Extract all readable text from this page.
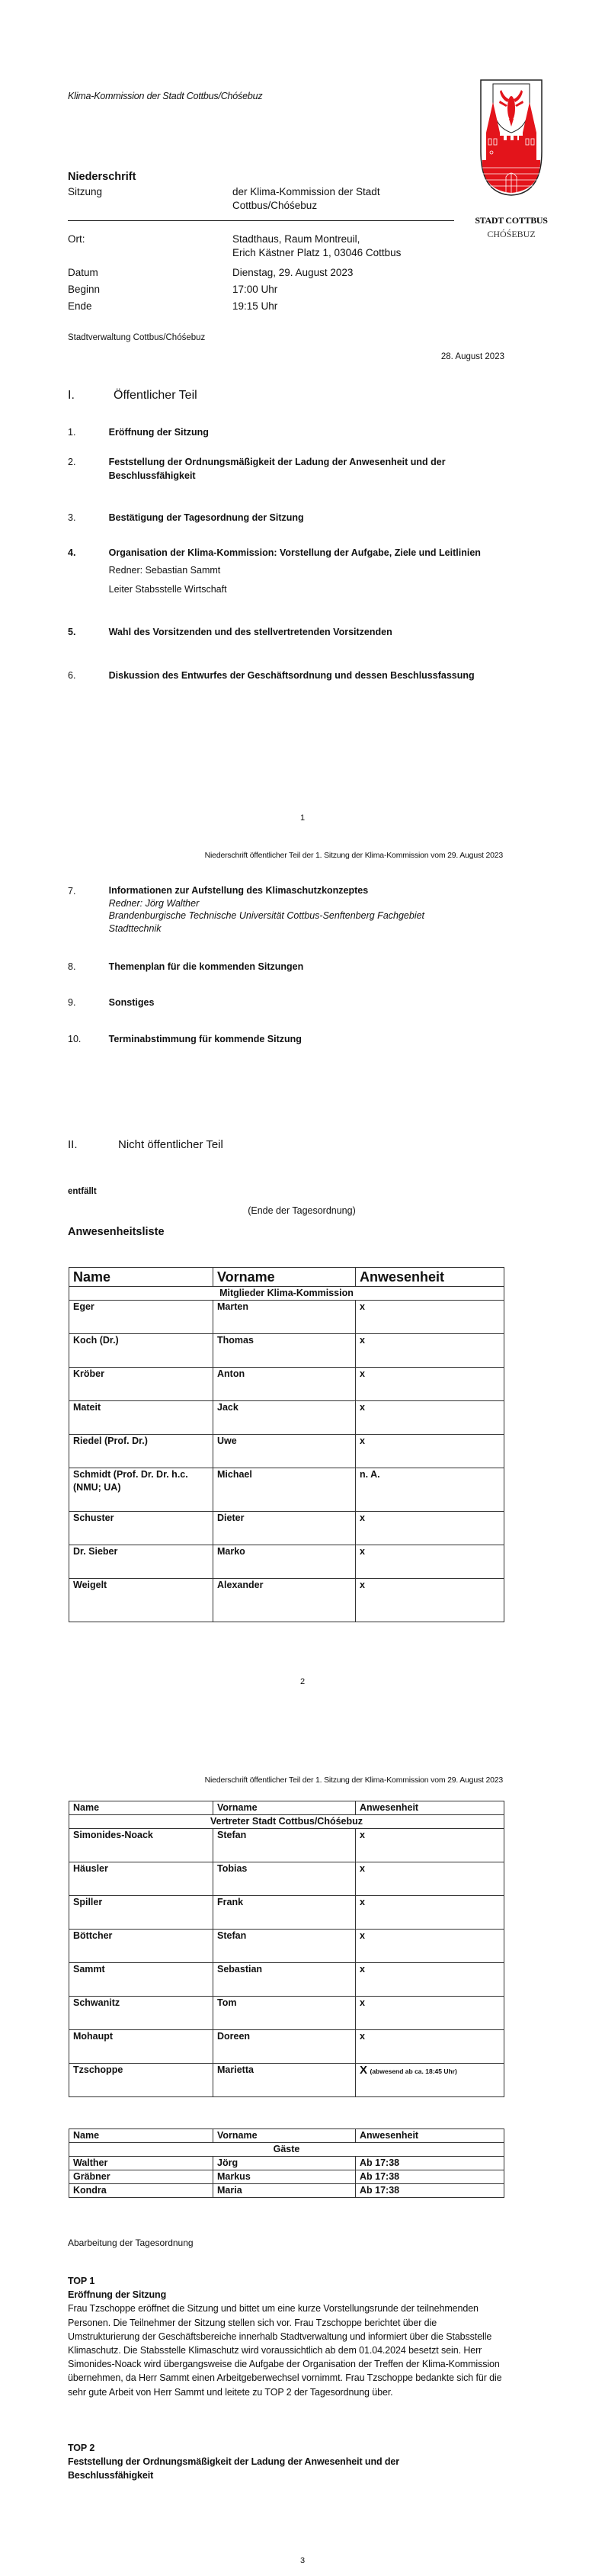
Klima-Kommission der Stadt Cottbus/Chóśebuz
STADT COTTBUS
CHÓŚEBUZ
Niederschrift
Sitzung	der Klima-Kommission der Stadt
Cottbus/Chóśebuz
Ort:	Stadthaus, Raum Montreuil,
Erich Kästner Platz 1, 03046 Cottbus
Datum	Dienstag, 29. August 2023
Beginn	17:00 Uhr
Ende	19:15 Uhr
Stadtverwaltung Cottbus/Chóśebuz
28. August 2023
I.	Öffentlicher Teil
1.	Eröffnung der Sitzung
2.	Feststellung der Ordnungsmäßigkeit der Ladung der Anwesenheit und der
Beschlussfähigkeit
3.	Bestätigung der Tagesordnung der Sitzung
4.	Organisation der Klima-Kommission: Vorstellung der Aufgabe, Ziele und Leitlinien
Redner: Sebastian Sammt
Leiter Stabsstelle Wirtschaft
5.	Wahl des Vorsitzenden und des stellvertretenden Vorsitzenden
6.	Diskussion des Entwurfes der Geschäftsordnung und dessen Beschlussfassung
1
Niederschrift öffentlicher Teil der 1. Sitzung der Klima-Kommission vom 29. August 2023
7.	Informationen zur Aufstellung des Klimaschutzkonzeptes
Redner: Jörg Walther
Brandenburgische Technische Universität Cottbus-Senftenberg Fachgebiet
Stadttechnik
8.	Themenplan für die kommenden Sitzungen
9.	Sonstiges
10.	Terminabstimmung für kommende Sitzung
II.	Nicht öffentlicher Teil
entfällt
(Ende der Tagesordnung)
Anwesenheitsliste
Name	Vorname	Anwesenheit
Mitglieder Klima-Kommission		
Eger	Marten	x
Koch (Dr.)	Thomas	x
Kröber	Anton	x
Mateit	Jack	x
Riedel (Prof. Dr.)	Uwe	x
Schmidt (Prof. Dr. Dr. h.c. (NMU; UA)	Michael	n. A.
Schuster	Dieter	x
Dr. Sieber	Marko	x
Weigelt	Alexander	x
2
Niederschrift öffentlicher Teil der 1. Sitzung der Klima-Kommission vom 29. August 2023
Name	Vorname	Anwesenheit
Vertreter Stadt Cottbus/Chóśebuz		
Simonides-Noack	Stefan	x
Häusler	Tobias	x
Spiller	Frank	x
Böttcher	Stefan	x
Sammt	Sebastian	x
Schwanitz	Tom	x
Mohaupt	Doreen	x
Tzschoppe	Marietta	X (abwesend ab ca. 18:45 Uhr)
Name	Vorname	Anwesenheit
Gäste		
Walther	Jörg	Ab 17:38
Gräbner	Markus	Ab 17:38
Kondra	Maria	Ab 17:38
Abarbeitung der Tagesordnung
TOP 1
Eröffnung der Sitzung
Frau Tzschoppe eröffnet die Sitzung und bittet um eine kurze Vorstellungsrunde der teilnehmenden Personen. Die Teilnehmer der Sitzung stellen sich vor. Frau Tzschoppe berichtet über die Umstrukturierung der Geschäftsbereiche innerhalb Stadtverwaltung und informiert über die Stabsstelle Klimaschutz. Die Stabsstelle Klimaschutz wird voraussichtlich ab dem 01.04.2024 besetzt sein. Herr Simonides-Noack wird übergangsweise die Aufgabe der Organisation der Treffen der Klima-Kommission übernehmen, da Herr Sammt einen Arbeitgeberwechsel vornimmt. Frau Tzschoppe bedankte sich für die sehr gute Arbeit von Herr Sammt und leitete zu TOP 2 der Tagesordnung über.
TOP 2
Feststellung der Ordnungsmäßigkeit der Ladung der Anwesenheit und der
Beschlussfähigkeit
3
